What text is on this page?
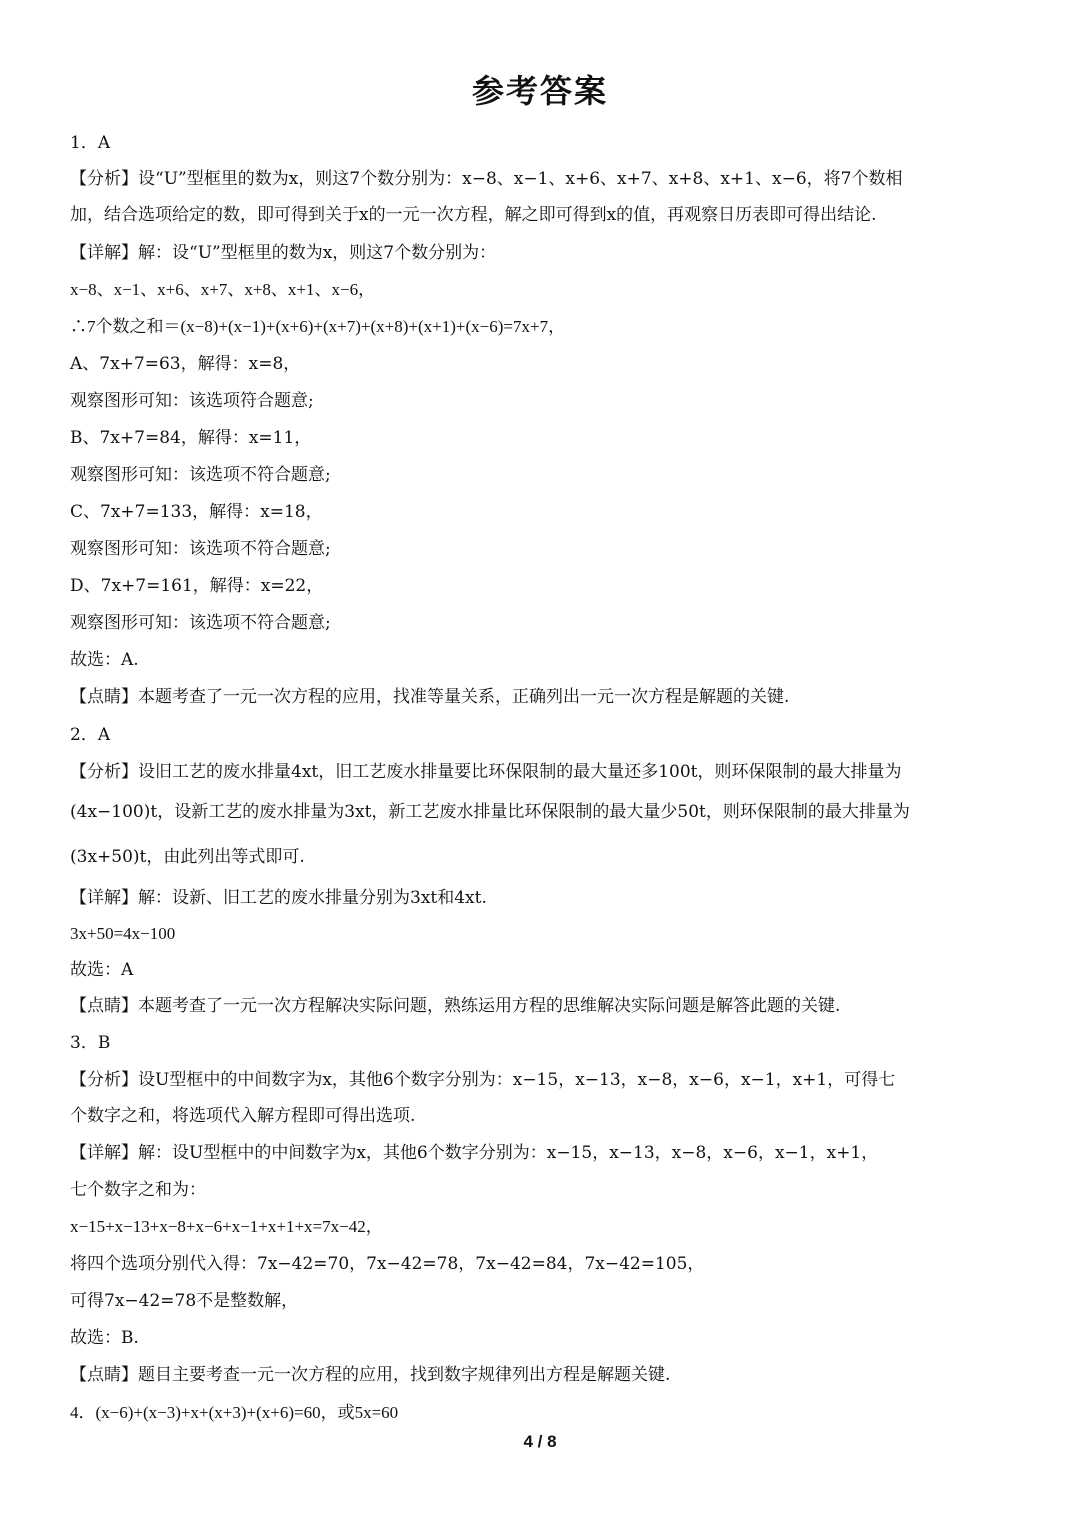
参考答案
1．A
【分析】设“U”型框里的数为x，则这7个数分别为：x−8、x−1、x+6、x+7、x+8、x+1、x−6，将7个数相
加，结合选项给定的数，即可得到关于x的一元一次方程，解之即可得到x的值，再观察日历表即可得出结论.
【详解】解：设“U”型框里的数为x，则这7个数分别为：
x−8、x−1、x+6、x+7、x+8、x+1、x−6，
∴7个数之和＝(x−8)+(x−1)+(x+6)+(x+7)+(x+8)+(x+1)+(x−6)=7x+7，
A、7x+7=63，解得：x=8，
观察图形可知：该选项符合题意;
B、7x+7=84，解得：x=11，
观察图形可知：该选项不符合题意;
C、7x+7=133，解得：x=18，
观察图形可知：该选项不符合题意;
D、7x+7=161，解得：x=22，
观察图形可知：该选项不符合题意;
故选：A.
【点睛】本题考查了一元一次方程的应用，找准等量关系，正确列出一元一次方程是解题的关键.
2．A
【分析】设旧工艺的废水排量4xt，旧工艺废水排量要比环保限制的最大量还多100t，则环保限制的最大排量为
(4x−100)t，设新工艺的废水排量为3xt，新工艺废水排量比环保限制的最大量少50t，则环保限制的最大排量为
(3x+50)t，由此列出等式即可.
【详解】解：设新、旧工艺的废水排量分别为3xt和4xt.
3x+50=4x−100
故选：A
【点睛】本题考查了一元一次方程解决实际问题，熟练运用方程的思维解决实际问题是解答此题的关键.
3．B
【分析】设U型框中的中间数字为x，其他6个数字分别为：x−15，x−13，x−8，x−6，x−1，x+1，可得七
个数字之和，将选项代入解方程即可得出选项.
【详解】解：设U型框中的中间数字为x，其他6个数字分别为：x−15，x−13，x−8，x−6，x−1，x+1，
七个数字之和为：
x−15+x−13+x−8+x−6+x−1+x+1+x=7x−42，
将四个选项分别代入得：7x−42=70，7x−42=78，7x−42=84，7x−42=105，
可得7x−42=78不是整数解，
故选：B.
【点睛】题目主要考查一元一次方程的应用，找到数字规律列出方程是解题关键.
4．(x−6)+(x−3)+x+(x+3)+(x+6)=60，或5x=60
4 / 8
